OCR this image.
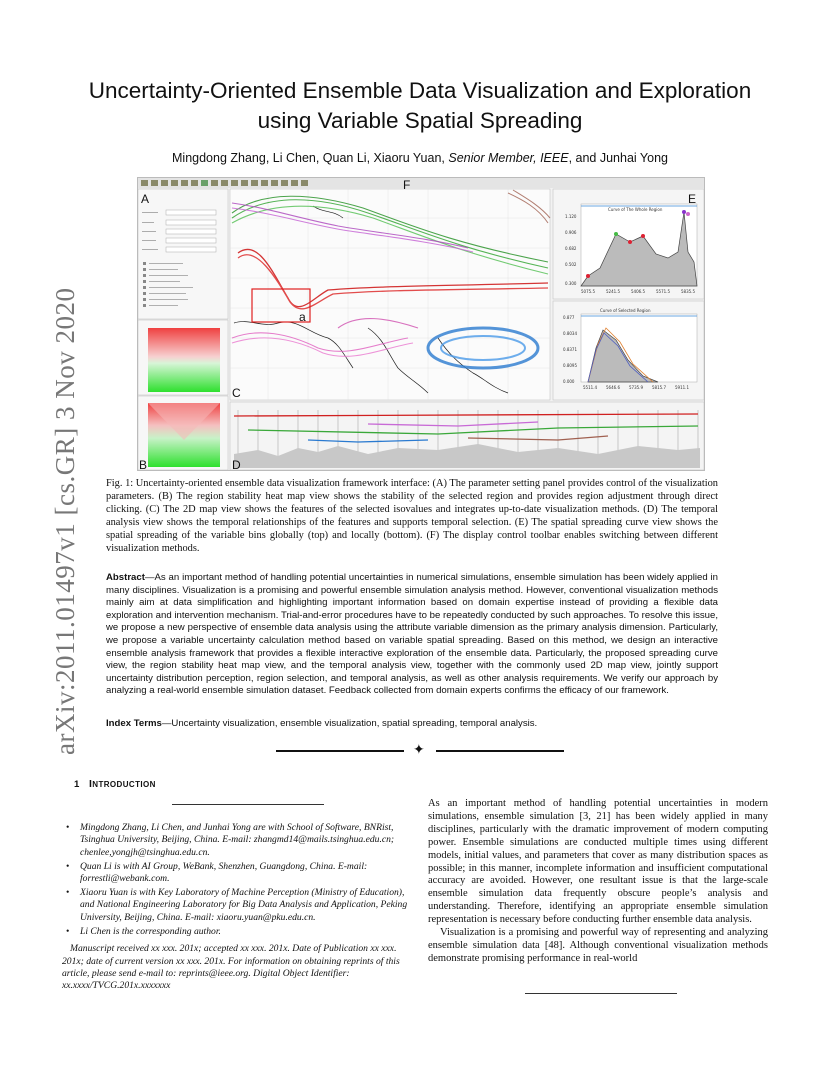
arXiv:2011.01497v1 [cs.GR] 3 Nov 2020
Uncertainty-Oriented Ensemble Data Visualization and Exploration
using Variable Spatial Spreading
Mingdong Zhang, Li Chen, Quan Li, Xiaoru Yuan, Senior Member, IEEE, and Junhai Yong
A
B
C
D
E
F
a
Curve of The Whole Region
Curve of Selected Region
1.120
0.906
0.682
0.502
0.300
5075.5	5241.5	5406.5	5571.5	5835.5
0.877
0.8034
0.8371
0.8095
0.000
5511.4 5646.6 5735.9 5815.7 5911.1
Fig. 1: Uncertainty-oriented ensemble data visualization framework interface: (A) The parameter setting panel provides control of the visualization parameters. (B) The region stability heat map view shows the stability of the selected region and provides region adjustment through direct clicking. (C) The 2D map view shows the features of the selected isovalues and integrates up-to-date visualization methods. (D) The temporal analysis view shows the temporal relationships of the features and supports temporal selection. (E) The spatial spreading curve view shows the spatial spreading of the variable bins globally (top) and locally (bottom). (F) The display control toolbar enables switching between different visualization methods.
Abstract—As an important method of handling potential uncertainties in numerical simulations, ensemble simulation has been widely applied in many disciplines. Visualization is a promising and powerful ensemble simulation analysis method. However, conventional visualization methods mainly aim at data simplification and highlighting important information based on domain expertise instead of providing a flexible data exploration and intervention mechanism. Trial-and-error procedures have to be repeatedly conducted by such approaches. To resolve this issue, we propose a new perspective of ensemble data analysis using the attribute variable dimension as the primary analysis dimension. Particularly, we propose a variable uncertainty calculation method based on variable spatial spreading. Based on this method, we design an interactive ensemble analysis framework that provides a flexible interactive exploration of the ensemble data. Particularly, the proposed spreading curve view, the region stability heat map view, and the temporal analysis view, together with the commonly used 2D map view, jointly support uncertainty distribution perception, region selection, and temporal analysis, as well as other analysis requirements. We verify our approach by analyzing a real-world ensemble simulation dataset. Feedback collected from domain experts confirms the efficacy of our framework.
Index Terms—Uncertainty visualization, ensemble visualization, spatial spreading, temporal analysis.
✦
1 INTRODUCTION
• Mingdong Zhang, Li Chen, and Junhai Yong are with School of Software, BNRist, Tsinghua University, Beijing, China. E-mail: zhangmd14@mails.tsinghua.edu.cn; chenlee,yongjh@tsinghua.edu.cn.
• Quan Li is with AI Group, WeBank, Shenzhen, Guangdong, China. E-mail: forrestli@webank.com.
• Xiaoru Yuan is with Key Laboratory of Machine Perception (Ministry of Education), and National Engineering Laboratory for Big Data Analysis and Application, Peking University, Beijing, China. E-mail: xiaoru.yuan@pku.edu.cn.
• Li Chen is the corresponding author.

Manuscript received xx xxx. 201x; accepted xx xxx. 201x. Date of Publication xx xxx. 201x; date of current version xx xxx. 201x. For information on obtaining reprints of this article, please send e-mail to: reprints@ieee.org. Digital Object Identifier: xx.xxxx/TVCG.201x.xxxxxxx

As an important method of handling potential uncertainties in modern simulations, ensemble simulation [3, 21] has been widely applied in many disciplines, particularly with the dramatic improvement of modern computing power. Ensemble simulations are conducted multiple times using different models, initial values, and parameters that cover as many distribution spaces as possible; in this manner, incomplete information and insufficient computational accuracy are avoided. However, one resultant issue is that the large-scale ensemble simulation data frequently obscure people’s analysis and understanding. Therefore, identifying an appropriate ensemble simulation representation is necessary before conducting further ensemble data analysis.

Visualization is a promising and powerful way of representing and analyzing ensemble simulation data [48]. Although conventional visualization methods demonstrate promising performance in real-world
